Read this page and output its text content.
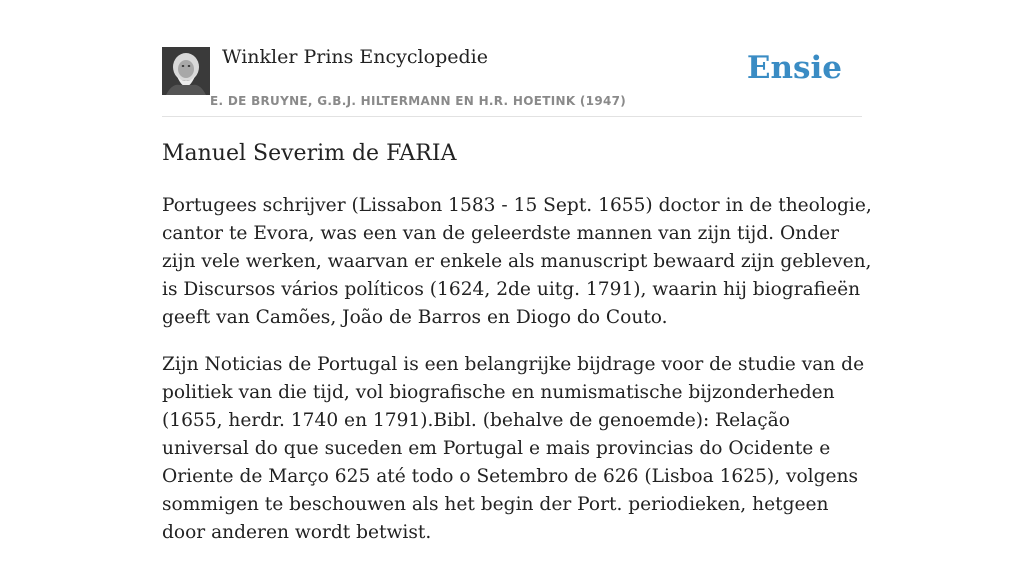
Winkler Prins Encyclopedie
E. DE BRUYNE, G.B.J. HILTERMANN EN H.R. HOETINK (1947)
Ensie
Manuel Severim de FARIA

Portugees schrijver (Lissabon 1583 - 15 Sept. 1655) doctor in de theologie, cantor te Evora, was een van de geleerdste mannen van zijn tijd. Onder zijn vele werken, waarvan er enkele als manuscript bewaard zijn gebleven, is Discursos vários políticos (1624, 2de uitg. 1791), waarin hij biografieën geeft van Camões, João de Barros en Diogo do Couto.

Zijn Noticias de Portugal is een belangrijke bijdrage voor de studie van de politiek van die tijd, vol biografische en numismatische bijzonderheden (1655, herdr. 1740 en 1791).Bibl. (behalve de genoemde): Relação universal do que suceden em Portugal e mais provincias do Ocidente e Oriente de Março 625 até todo o Setembro de 626 (Lisboa 1625), volgens sommigen te beschouwen als het begin der Port. periodieken, hetgeen door anderen wordt betwist.
